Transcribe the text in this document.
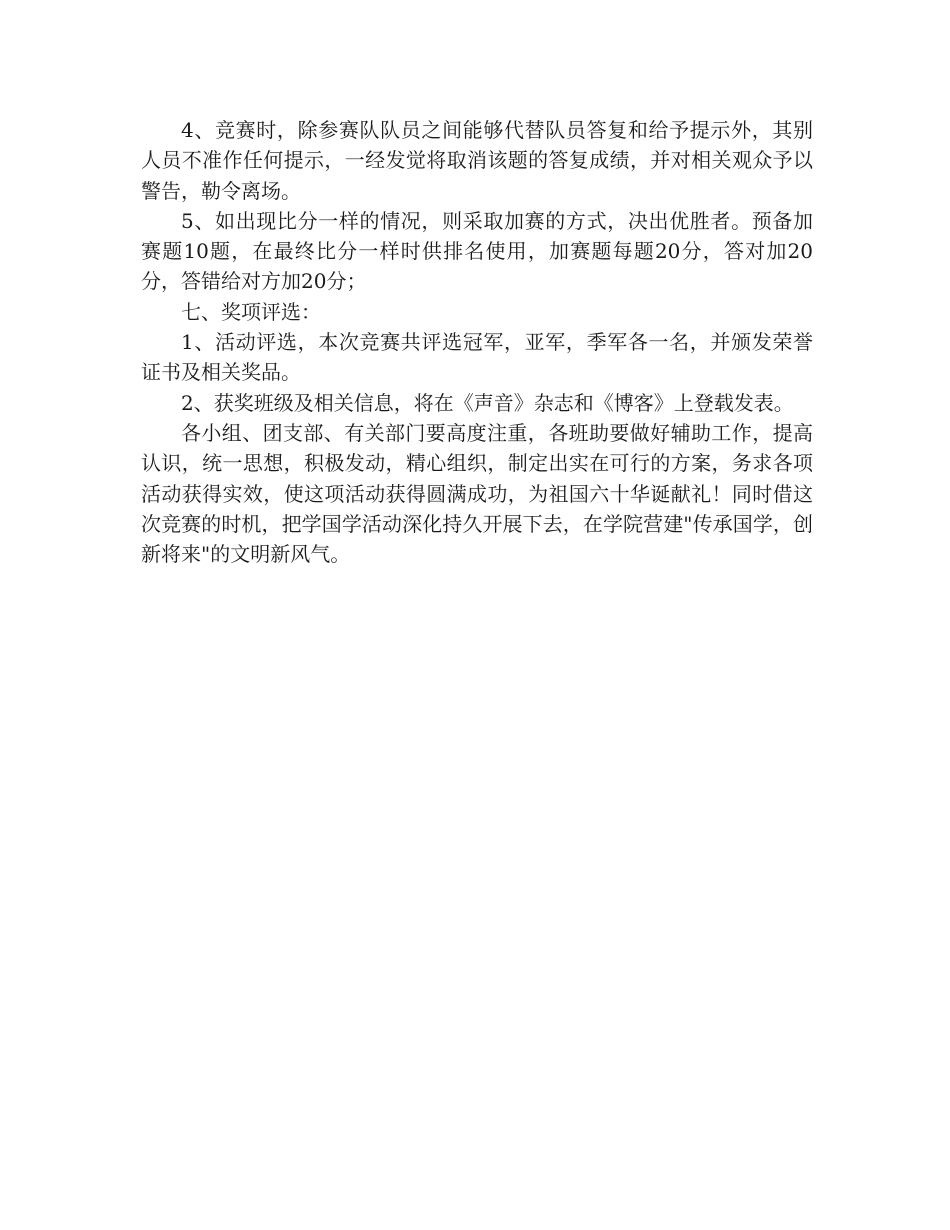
4、竞赛时，除参赛队队员之间能够代替队员答复和给予提示外，其别人员不准作任何提示，一经发觉将取消该题的答复成绩，并对相关观众予以警告，勒令离场。

5、如出现比分一样的情况，则采取加赛的方式，决出优胜者。预备加赛题10题，在最终比分一样时供排名使用，加赛题每题20分，答对加20分，答错给对方加20分；

七、奖项评选：

1、活动评选，本次竞赛共评选冠军，亚军，季军各一名，并颁发荣誉证书及相关奖品。

2、获奖班级及相关信息，将在《声音》杂志和《博客》上登载发表。

各小组、团支部、有关部门要高度注重，各班助要做好辅助工作，提高认识，统一思想，积极发动，精心组织，制定出实在可行的方案，务求各项活动获得实效，使这项活动获得圆满成功，为祖国六十华诞献礼！同时借这次竞赛的时机，把学国学活动深化持久开展下去，在学院营建"传承国学，创新将来"的文明新风气。
